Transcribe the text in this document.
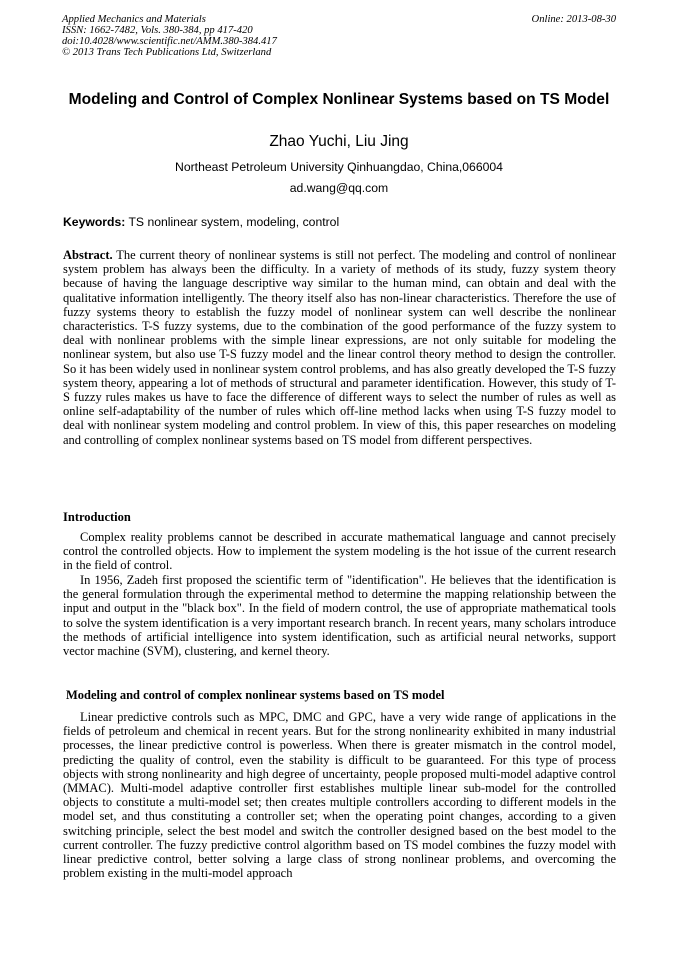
Applied Mechanics and Materials
ISSN: 1662-7482, Vols. 380-384, pp 417-420
doi:10.4028/www.scientific.net/AMM.380-384.417
© 2013 Trans Tech Publications Ltd, Switzerland
Online: 2013-08-30
Modeling and Control of Complex Nonlinear Systems based on TS Model
Zhao Yuchi, Liu Jing
Northeast Petroleum University Qinhuangdao, China,066004
ad.wang@qq.com
Keywords: TS nonlinear system, modeling, control
Abstract. The current theory of nonlinear systems is still not perfect. The modeling and control of nonlinear system problem has always been the difficulty. In a variety of methods of its study, fuzzy system theory because of having the language descriptive way similar to the human mind, can obtain and deal with the qualitative information intelligently. The theory itself also has non-linear characteristics. Therefore the use of fuzzy systems theory to establish the fuzzy model of nonlinear system can well describe the nonlinear characteristics. T-S fuzzy systems, due to the combination of the good performance of the fuzzy system to deal with nonlinear problems with the simple linear expressions, are not only suitable for modeling the nonlinear system, but also use T-S fuzzy model and the linear control theory method to design the controller. So it has been widely used in nonlinear system control problems, and has also greatly developed the T-S fuzzy system theory, appearing a lot of methods of structural and parameter identification. However, this study of T-S fuzzy rules makes us have to face the difference of different ways to select the number of rules as well as online self-adaptability of the number of rules which off-line method lacks when using T-S fuzzy model to deal with nonlinear system modeling and control problem. In view of this, this paper researches on modeling and controlling of complex nonlinear systems based on TS model from different perspectives.
Introduction
Complex reality problems cannot be described in accurate mathematical language and cannot precisely control the controlled objects. How to implement the system modeling is the hot issue of the current research in the field of control.
In 1956, Zadeh first proposed the scientific term of "identification". He believes that the identification is the general formulation through the experimental method to determine the mapping relationship between the input and output in the "black box". In the field of modern control, the use of appropriate mathematical tools to solve the system identification is a very important research branch. In recent years, many scholars introduce the methods of artificial intelligence into system identification, such as artificial neural networks, support vector machine (SVM), clustering, and kernel theory.
Modeling and control of complex nonlinear systems based on TS model
Linear predictive controls such as MPC, DMC and GPC, have a very wide range of applications in the fields of petroleum and chemical in recent years. But for the strong nonlinearity exhibited in many industrial processes, the linear predictive control is powerless. When there is greater mismatch in the control model, predicting the quality of control, even the stability is difficult to be guaranteed. For this type of process objects with strong nonlinearity and high degree of uncertainty, people proposed multi-model adaptive control (MMAC). Multi-model adaptive controller first establishes multiple linear sub-model for the controlled objects to constitute a multi-model set; then creates multiple controllers according to different models in the model set, and thus constituting a controller set; when the operating point changes, according to a given switching principle, select the best model and switch the controller designed based on the best model to the current controller. The fuzzy predictive control algorithm based on TS model combines the fuzzy model with linear predictive control, better solving a large class of strong nonlinear problems, and overcoming the problem existing in the multi-model approach
